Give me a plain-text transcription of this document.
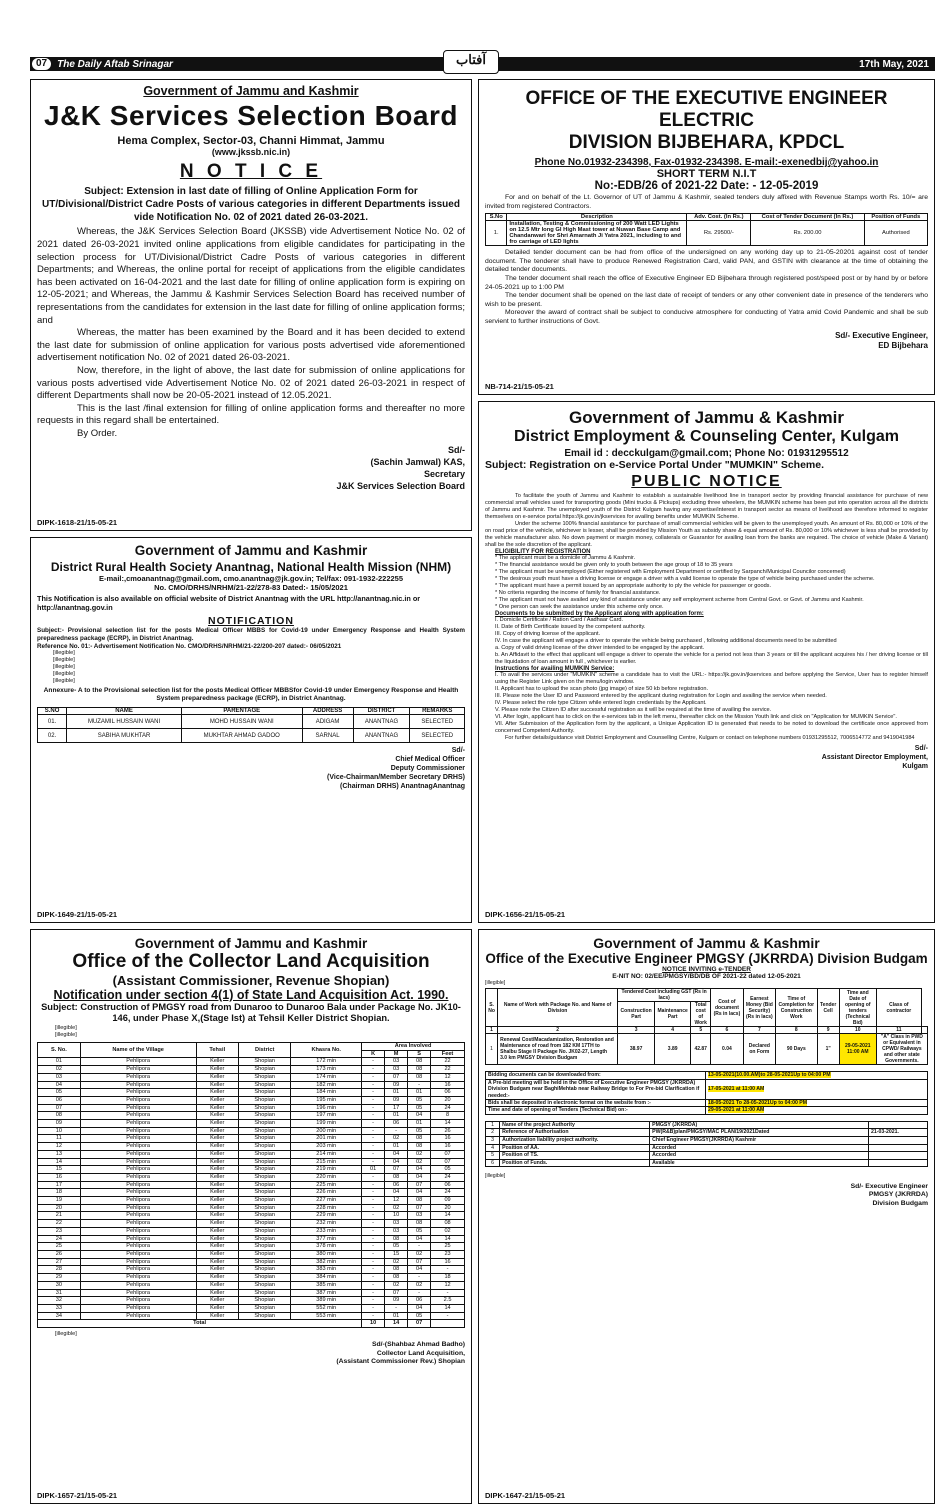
07	The Daily Aftab Srinagar	17th May, 2021
آفتاب
Government of Jammu and Kashmir
J&K Services Selection Board
Hema Complex, Sector-03, Channi Himmat, Jammu
(www.jkssb.nic.in)
N O T I C E
Subject: Extension in last date of filling of Online Application Form for UT/Divisional/District Cadre Posts of various categories in different Departments issued vide Notification No. 02 of 2021 dated 26-03-2021.
Whereas, the J&K Services Selection Board (JKSSB) vide Advertisement Notice No. 02 of 2021 dated 26-03-2021 invited online applications from eligible candidates for participating in the selection process for UT/Divisional/District Cadre Posts of various categories in different Departments; and Whereas, the online portal for receipt of applications from the eligible candidates has been activated on 16-04-2021 and the last date for filling of online application form is expiring on 12-05-2021; and Whereas, the Jammu & Kashmir Services Selection Board has received number of representations from the candidates for extension in the last date for filling of online application forms; and
Whereas, the matter has been examined by the Board and it has been decided to extend the last date for submission of online application for various posts advertised vide aforementioned advertisement notification No. 02 of 2021 dated 26-03-2021.
Now, therefore, in the light of above, the last date for submission of online applications for various posts advertised vide Advertisement Notice No. 02 of 2021 dated 26-03-2021 in respect of different Departments shall now be 20-05-2021 instead of 12.05.2021.
This is the last /final extension for filling of online application forms and thereafter no more requests in this regard shall be entertained.
By Order.
Sd/-
(Sachin Jamwal) KAS,
Secretary
J&K Services Selection Board
DIPK-1618-21/15-05-21
OFFICE OF THE EXECUTIVE ENGINEER ELECTRIC
DIVISION BIJBEHARA, KPDCL
Phone No.01932-234398, Fax-01932-234398. E-mail:-exenedbij@yahoo.in
SHORT TERM N.I.T
No:-EDB/26 of 2021-22 Date: - 12-05-2019
For and on behalf of the Lt. Governor of UT of Jammu & Kashmir, sealed tenders duly affixed with Revenue Stamps worth Rs. 10/= are invited from registered Contractors.
S.No	Description	Adv. Cost. (In Rs.)	Cost of Tender Document (In Rs.)	Position of Funds
1.	Installation, Testing & Commissioning of 200 Watt LED Lights on 12.5 Mtr long GI High Mast tower at Nuwan Base Camp and Chandanwari for Shri Amarnath Ji Yatra 2021, including to and fro carriage of LED lights	Rs. 29500/-	Rs. 200.00	Authorised
Detailed tender document can be had from office of the undersigned on any working day up to 21-05-20201 against cost of tender document. The tenderer shall have to produce Renewed Registration Card, valid PAN, and GSTIN with clearance at the time of obtaining the detailed tender documents.
The tender document shall reach the office of Executive Engineer ED Bijbehara through registered post/speed post or by hand by or before 24-05-2021 up to 1:00 PM
The tender document shall be opened on the last date of receipt of tenders or any other convenient date in presence of the tenderers who wish to be present.
Moreover the award of contract shall be subject to conducive atmosphere for conducting of Yatra amid Covid Pandemic and shall be sub servient to further instructions of Govt.
Sd/- Executive Engineer,
ED Bijbehara
NB-714-21/15-05-21
Government of Jammu and Kashmir
District Rural Health Society Anantnag, National Health Mission (NHM)
E-mail:,cmoanantnag@gmail.com, cmo.anantnag@jk.gov.in; Tel/fax: 091-1932-222255
No. CMO/DRHS/NRHM/21-22/278-83 Dated:- 15/05/2021
This Notification is also available on official website of District Anantnag with the URL http://anantnag.nic.in or http://anantnag.gov.in
NOTIFICATION
Subject:- Provisional selection list for the posts Medical Officer MBBS for Covid-19 under Emergency Response and Health System preparedness package (ECRP), in District Anantnag.
Reference No. 01:- Advertisement Notification No. CMO/DRHS/NRHM/21-22/200-207 dated:- 06/05/2021
[illegible]
[illegible]
[illegible]
[illegible]
[illegible]
Annexure- A to the Provisional selection list for the posts Medical Officer MBBSfor Covid-19 under Emergency Response and Health System preparedness package (ECRP), in District Anantnag.
S.NO	NAME	PARENTAGE	ADDRESS	DISTRICT	REMARKS
01.	MUZAMIL HUSSAIN WANI	MOHD HUSSAIN WANI	ADIGAM	ANANTNAG	SELECTED
02.	SABIHA MUKHTAR	MUKHTAR AHMAD GADOO	SARNAL	ANANTNAG	SELECTED
Sd/-
Chief Medical Officer
Deputy Commissioner
(Vice-Chairman/Member Secretary DRHS)
(Chairman DRHS) AnantnagAnantnag
DIPK-1649-21/15-05-21
Government of Jammu & Kashmir
District Employment & Counseling Center, Kulgam
Email id : decckulgam@gmail.com; Phone No: 01931295512
Subject: Registration on e-Service Portal Under "MUMKIN" Scheme.
PUBLIC NOTICE
To facilitate the youth of Jammu and Kashmir to establish a sustainable livelihood line in transport sector by providing financial assistance for purchase of new commercial small vehicles used for transporting goods (Mini trucks & Pickups) excluding three wheelers, the MUMKIN scheme has been put into operation across all the districts of Jammu and Kashmir. The unemployed youth of the District Kulgam having any expertise/interest in transport sector as means of livelihood are therefore informed to register themselves on e-service portal https://jk.gov.in/jkservices for availing benefits under MUMKIN Scheme.
Under the scheme 100% financial assistance for purchase of small commercial vehicles will be given to the unemployed youth. An amount of Rs. 80,000 or 10% of the on road price of the vehicle, whichever is lesser, shall be provided by Mission Youth as subsidy share & equal amount of Rs. 80,000 or 10% whichever is less shall be provided by the vehicle manufacturer also. No down payment or margin money, collaterals or Guarantor for availing loan from the banks are required. The choice of vehicle (Make & Variant) shall be the sole discretion of the applicant.
ELIGIBILITY FOR REGISTRATION
* The applicant must be a domicile of Jammu & Kashmir.
* The financial assistance would be given only to youth between the age group of 18 to 35 years
* The applicant must be unemployed (Either registered with Employment Department or certified by Sarpanch/Municipal Councilor concerned)
* The desirous youth must have a driving license or engage a driver with a valid license to operate the type of vehicle being purchased under the scheme.
* The applicant must have a permit issued by an appropriate authority to ply the vehicle for passenger or goods.
* No criteria regarding the income of family for financial assistance.
* The applicant must not have availed any kind of assistance under any self employment scheme from Central Govt. or Govt. of Jammu and Kashmir.
* One person can seek the assistance under this scheme only once.
Documents to be submitted by the Applicant along with application form:
I. Domicile Certificate / Ration Card / Aadhaar Card.
II. Date of Birth Certificate issued by the competent authority.
III. Copy of driving license of the applicant.
IV. In case the applicant will engage a driver to operate the vehicle being purchased , following additional documents need to be submitted
a. Copy of valid driving license of the driver intended to be engaged by the applicant.
b. An Affidavit to the effect that applicant will engage a driver to operate the vehicle for a period not less than 3 years or till the applicant acquires his / her driving license or till the liquidation of loan amount in full , whichever is earlier.
Instructions for availing MUMKIN Service:
I. To avail the services under "MUMKIN" scheme a candidate has to visit the URL:- https://jk.gov.in/jkservices and before applying the Service, User has to register himself using the Register Link given on the menu/login window.
II. Applicant has to upload the scan photo (jpg image) of size 50 kb before registration.
III. Please note the User ID and Password entered by the applicant during registration for Login and availing the service when needed.
IV. Please select the role type Citizen while entered login credentials by the Applicant.
V. Please note the Citizen ID after successful registration as it will be required at the time of availing the service.
VI. After login, applicant has to click on the e-services tab in the left menu, thereafter click on the Mission Youth link and click on "Application for MUMKIN Service".
VII. After Submission of the Application form by the applicant, a Unique Application ID is generated that needs to be noted to download the certificate once approved from concerned Competent Authority.
For further details/guidance visit District Employment and Counselling Centre, Kulgam or contact on telephone numbers 01931295512, 7006514772 and 9419041984
Sd/-
Assistant Director Employment,
Kulgam
DIPK-1656-21/15-05-21
Government of Jammu and Kashmir
Office of the Collector Land Acquisition
(Assistant Commissioner, Revenue Shopian)
Notification under section 4(1) of State Land Acquisition Act. 1990.
Subject: Construction of PMGSY road from Dunaroo to Dunaroo Bala under Package No. JK10-146, under Phase X,(Stage Ist) at Tehsil Keller District Shopian.
[illegible]
[illegible]
S. No.	Name of the Village	Tehsil	District	Khasra No.	Area Involved			
					K	M	S	Feet
01	Pehlipora	Keller	Shopian	172 min	-	03	08	22
02	Pehlipora	Keller	Shopian	173 min	-	03	08	22
03	Pehlipora	Keller	Shopian	174 min	-	07	08	12
04	Pehlipora	Keller	Shopian	182 min	-	09	-	16
05	Pehlipora	Keller	Shopian	184 min	-	01	01	06
06	Pehlipora	Keller	Shopian	195 min	-	09	05	20
07	Pehlipora	Keller	Shopian	196 min	-	17	05	24
08	Pehlipora	Keller	Shopian	197 min	-	01	04	8
09	Pehlipora	Keller	Shopian	199 min	-	06	01	14
10	Pehlipora	Keller	Shopian	200 min	-	-	05	26
11	Pehlipora	Keller	Shopian	201 min	-	02	08	16
12	Pehlipora	Keller	Shopian	203 min	-	01	08	16
13	Pehlipora	Keller	Shopian	214 min	-	04	02	07
14	Pehlipora	Keller	Shopian	215 min	-	04	02	07
15	Pehlipora	Keller	Shopian	219 min	01	07	04	05
16	Pehlipora	Keller	Shopian	220 min	-	08	04	24
17	Pehlipora	Keller	Shopian	225 min	-	06	07	06
18	Pehlipora	Keller	Shopian	226 min	-	04	04	24
19	Pehlipora	Keller	Shopian	227 min	-	12	08	09
20	Pehlipora	Keller	Shopian	228 min	-	02	07	20
21	Pehlipora	Keller	Shopian	229 min	-	10	03	14
22	Pehlipora	Keller	Shopian	232 min	-	03	08	08
23	Pehlipora	Keller	Shopian	233 min	-	03	05	02
24	Pehlipora	Keller	Shopian	377 min	-	08	04	14
25	Pehlipora	Keller	Shopian	378 min	-	05	-	25
26	Pehlipora	Keller	Shopian	380 min	-	15	02	23
27	Pehlipora	Keller	Shopian	382 min	-	02	07	16
28	Pehlipora	Keller	Shopian	383 min	-	08	04	-
29	Pehlipora	Keller	Shopian	384 min	-	08	-	18
30	Pehlipora	Keller	Shopian	385 min	-	02	02	12
31	Pehlipora	Keller	Shopian	387 min	-	07	-	-
32	Pehlipora	Keller	Shopian	389 min	-	09	06	2.5
33	Pehlipora	Keller	Shopian	552 min	-	-	04	14
34	Pehlipora	Keller	Shopian	553 min	-	01	05	-
Total					10	14	07	
[illegible]
Sd/-(Shahbaz Ahmad Badho)
Collector Land Acquisition,
(Assistant Commissioner Rev.) Shopian
DIPK-1657-21/15-05-21
Government of Jammu & Kashmir
Office of the Executive Engineer PMGSY (JKRRDA) Division Budgam
NOTICE INVITING e-TENDER
E-NIT NO: 02/EE/PMGSY/BD/DB OF 2021-22 dated 12-05-2021
[illegible]
S. No	Name of Work with Package No. and Name of Division	Tendered Cost including GST (Rs in lacs)			Cost of document (Rs in lacs)	Earnest Money (Bid Security) (Rs in lacs)	Time of Completion for Construction Work	Tender Cell	Time and Date of opening of tenders (Technical Bid)	Class of contractor	
		Construction Part	Maintenance Part	Total cost of Work							
1	2	3	4	5	6	7	8	9	10	11	
1	Renewal Cost/Macadamization, Restoration and Maintenance of road from 182 KM 17TH to Shalbu Stage II Package No. JK02-27, Length 3.0 km PMGSY Division Budgam	38.97	3.89	42.87	0.04	Declared on Form	90 Days	1"	29-05-2021 11:00 AM	"A" Class in PWD or Equivalent in CPWD/ Railways and other state Governments.	
Bidding documents can be downloaded from:	13-05-2021(10.00.AM)to 28-05-2021Up to 04:00 PM
A Pre-bid meeting will be held in the Office of Executive Engineer PMGSY (JKRRDA) Division Budgam near BaghiMehtab near Railway Bridge to For Pre-bid Clarification if needed:-	17-05-2021 at 11:00 AM
Bids shall be deposited in electronic format on the website from :-	18-05-2021 To 28-05-2021Up to 04:00 PM
Time and date of opening of Tenders (Technical Bid) on:-	29-05-2021 at 11:00 AM
1	Name of the project Authority	PMGSY (JKRRDA)	
2	Reference of Authorisation	PW(R&B)plan/PMGSY/MAC PLAN/19/2021Dated	21-03-2021.
3	Authorization liability project authority.	Chief Engineer PMGSY(JKRRDA) Kashmir	
4	Position of AA.	Accorded	
5	Position of TS.	Accorded	
6	Position of Funds.	Available	
[illegible]
Sd/- Executive Engineer
PMGSY (JKRRDA)
Division Budgam
DIPK-1647-21/15-05-21
